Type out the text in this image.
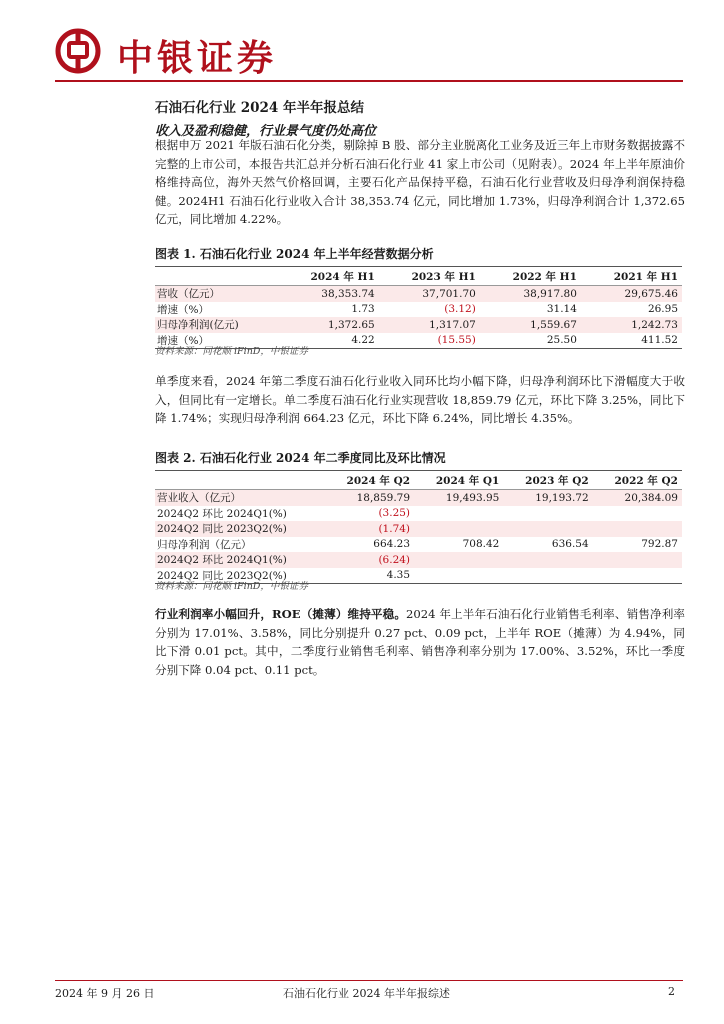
中银证券
石油石化行业 2024 年半年报总结
收入及盈利稳健，行业景气度仍处高位
根据申万 2021 年版石油石化分类，剔除掉 B 股、部分主业脱离化工业务及近三年上市财务数据披露不完整的上市公司，本报告共汇总并分析石油石化行业 41 家上市公司（见附表）。2024 年上半年原油价格维持高位，海外天然气价格回调，主要石化产品保持平稳，石油石化行业营收及归母净利润保持稳健。2024H1 石油石化行业收入合计 38,353.74 亿元，同比增加 1.73%，归母净利润合计 1,372.65 亿元，同比增加 4.22%。
图表 1. 石油石化行业 2024 年上半年经营数据分析
	2024 年 H1	2023 年 H1	2022 年 H1	2021 年 H1
营收（亿元）	38,353.74	37,701.70	38,917.80	29,675.46
增速（%）	1.73	(3.12)	31.14	26.95
归母净利润(亿元)	1,372.65	1,317.07	1,559.67	1,242.73
增速（%）	4.22	(15.55)	25.50	411.52
资料来源：同花顺 iFinD，中银证券
单季度来看，2024 年第二季度石油石化行业收入同环比均小幅下降，归母净利润环比下滑幅度大于收入，但同比有一定增长。单二季度石油石化行业实现营收 18,859.79 亿元，环比下降 3.25%，同比下降 1.74%；实现归母净利润 664.23 亿元，环比下降 6.24%，同比增长 4.35%。
图表 2. 石油石化行业 2024 年二季度同比及环比情况
	2024 年 Q2	2024 年 Q1	2023 年 Q2	2022 年 Q2
营业收入（亿元）	18,859.79	19,493.95	19,193.72	20,384.09
2024Q2 环比 2024Q1(%)	(3.25)			
2024Q2 同比 2023Q2(%)	(1.74)			
归母净利润（亿元）	664.23	708.42	636.54	792.87
2024Q2 环比 2024Q1(%)	(6.24)			
2024Q2 同比 2023Q2(%)	4.35			
资料来源：同花顺 iFinD，中银证券
行业利润率小幅回升，ROE（摊薄）维持平稳。2024 年上半年石油石化行业销售毛利率、销售净利率分别为 17.01%、3.58%，同比分别提升 0.27 pct、0.09 pct，上半年 ROE（摊薄）为 4.94%，同比下滑 0.01 pct。其中，二季度行业销售毛利率、销售净利率分别为 17.00%、3.52%，环比一季度分别下降 0.04 pct、0.11 pct。
2024 年 9 月 26 日	石油石化行业 2024 年半年报综述	2
